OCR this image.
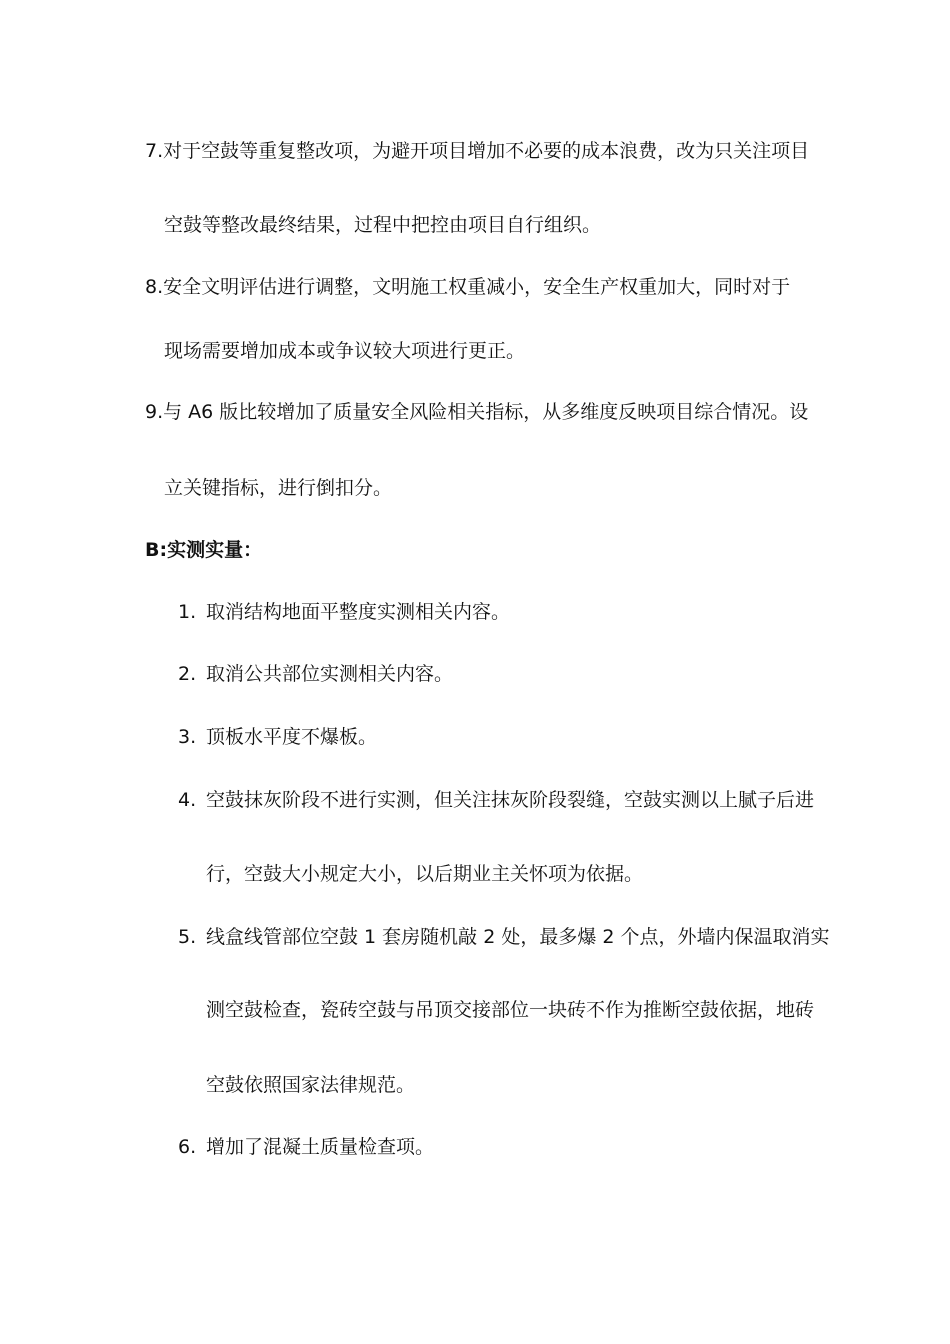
7.对于空鼓等重复整改项，为避开项目增加不必要的成本浪费，改为只关注项目
空鼓等整改最终结果，过程中把控由项目自行组织。
8.安全文明评估进行调整，文明施工权重减小，安全生产权重加大，同时对于
现场需要增加成本或争议较大项进行更正。
9.与 A6 版比较增加了质量安全风险相关指标，从多维度反映项目综合情况。设
立关键指标，进行倒扣分。
B:实测实量：
1. 取消结构地面平整度实测相关内容。
2. 取消公共部位实测相关内容。
3. 顶板水平度不爆板。
4. 空鼓抹灰阶段不进行实测，但关注抹灰阶段裂缝，空鼓实测以上腻子后进
行，空鼓大小规定大小，以后期业主关怀项为依据。
5. 线盒线管部位空鼓 1 套房随机敲 2 处，最多爆 2 个点，外墙内保温取消实
测空鼓检查，瓷砖空鼓与吊顶交接部位一块砖不作为推断空鼓依据，地砖
空鼓依照国家法律规范。
6. 增加了混凝土质量检查项。
